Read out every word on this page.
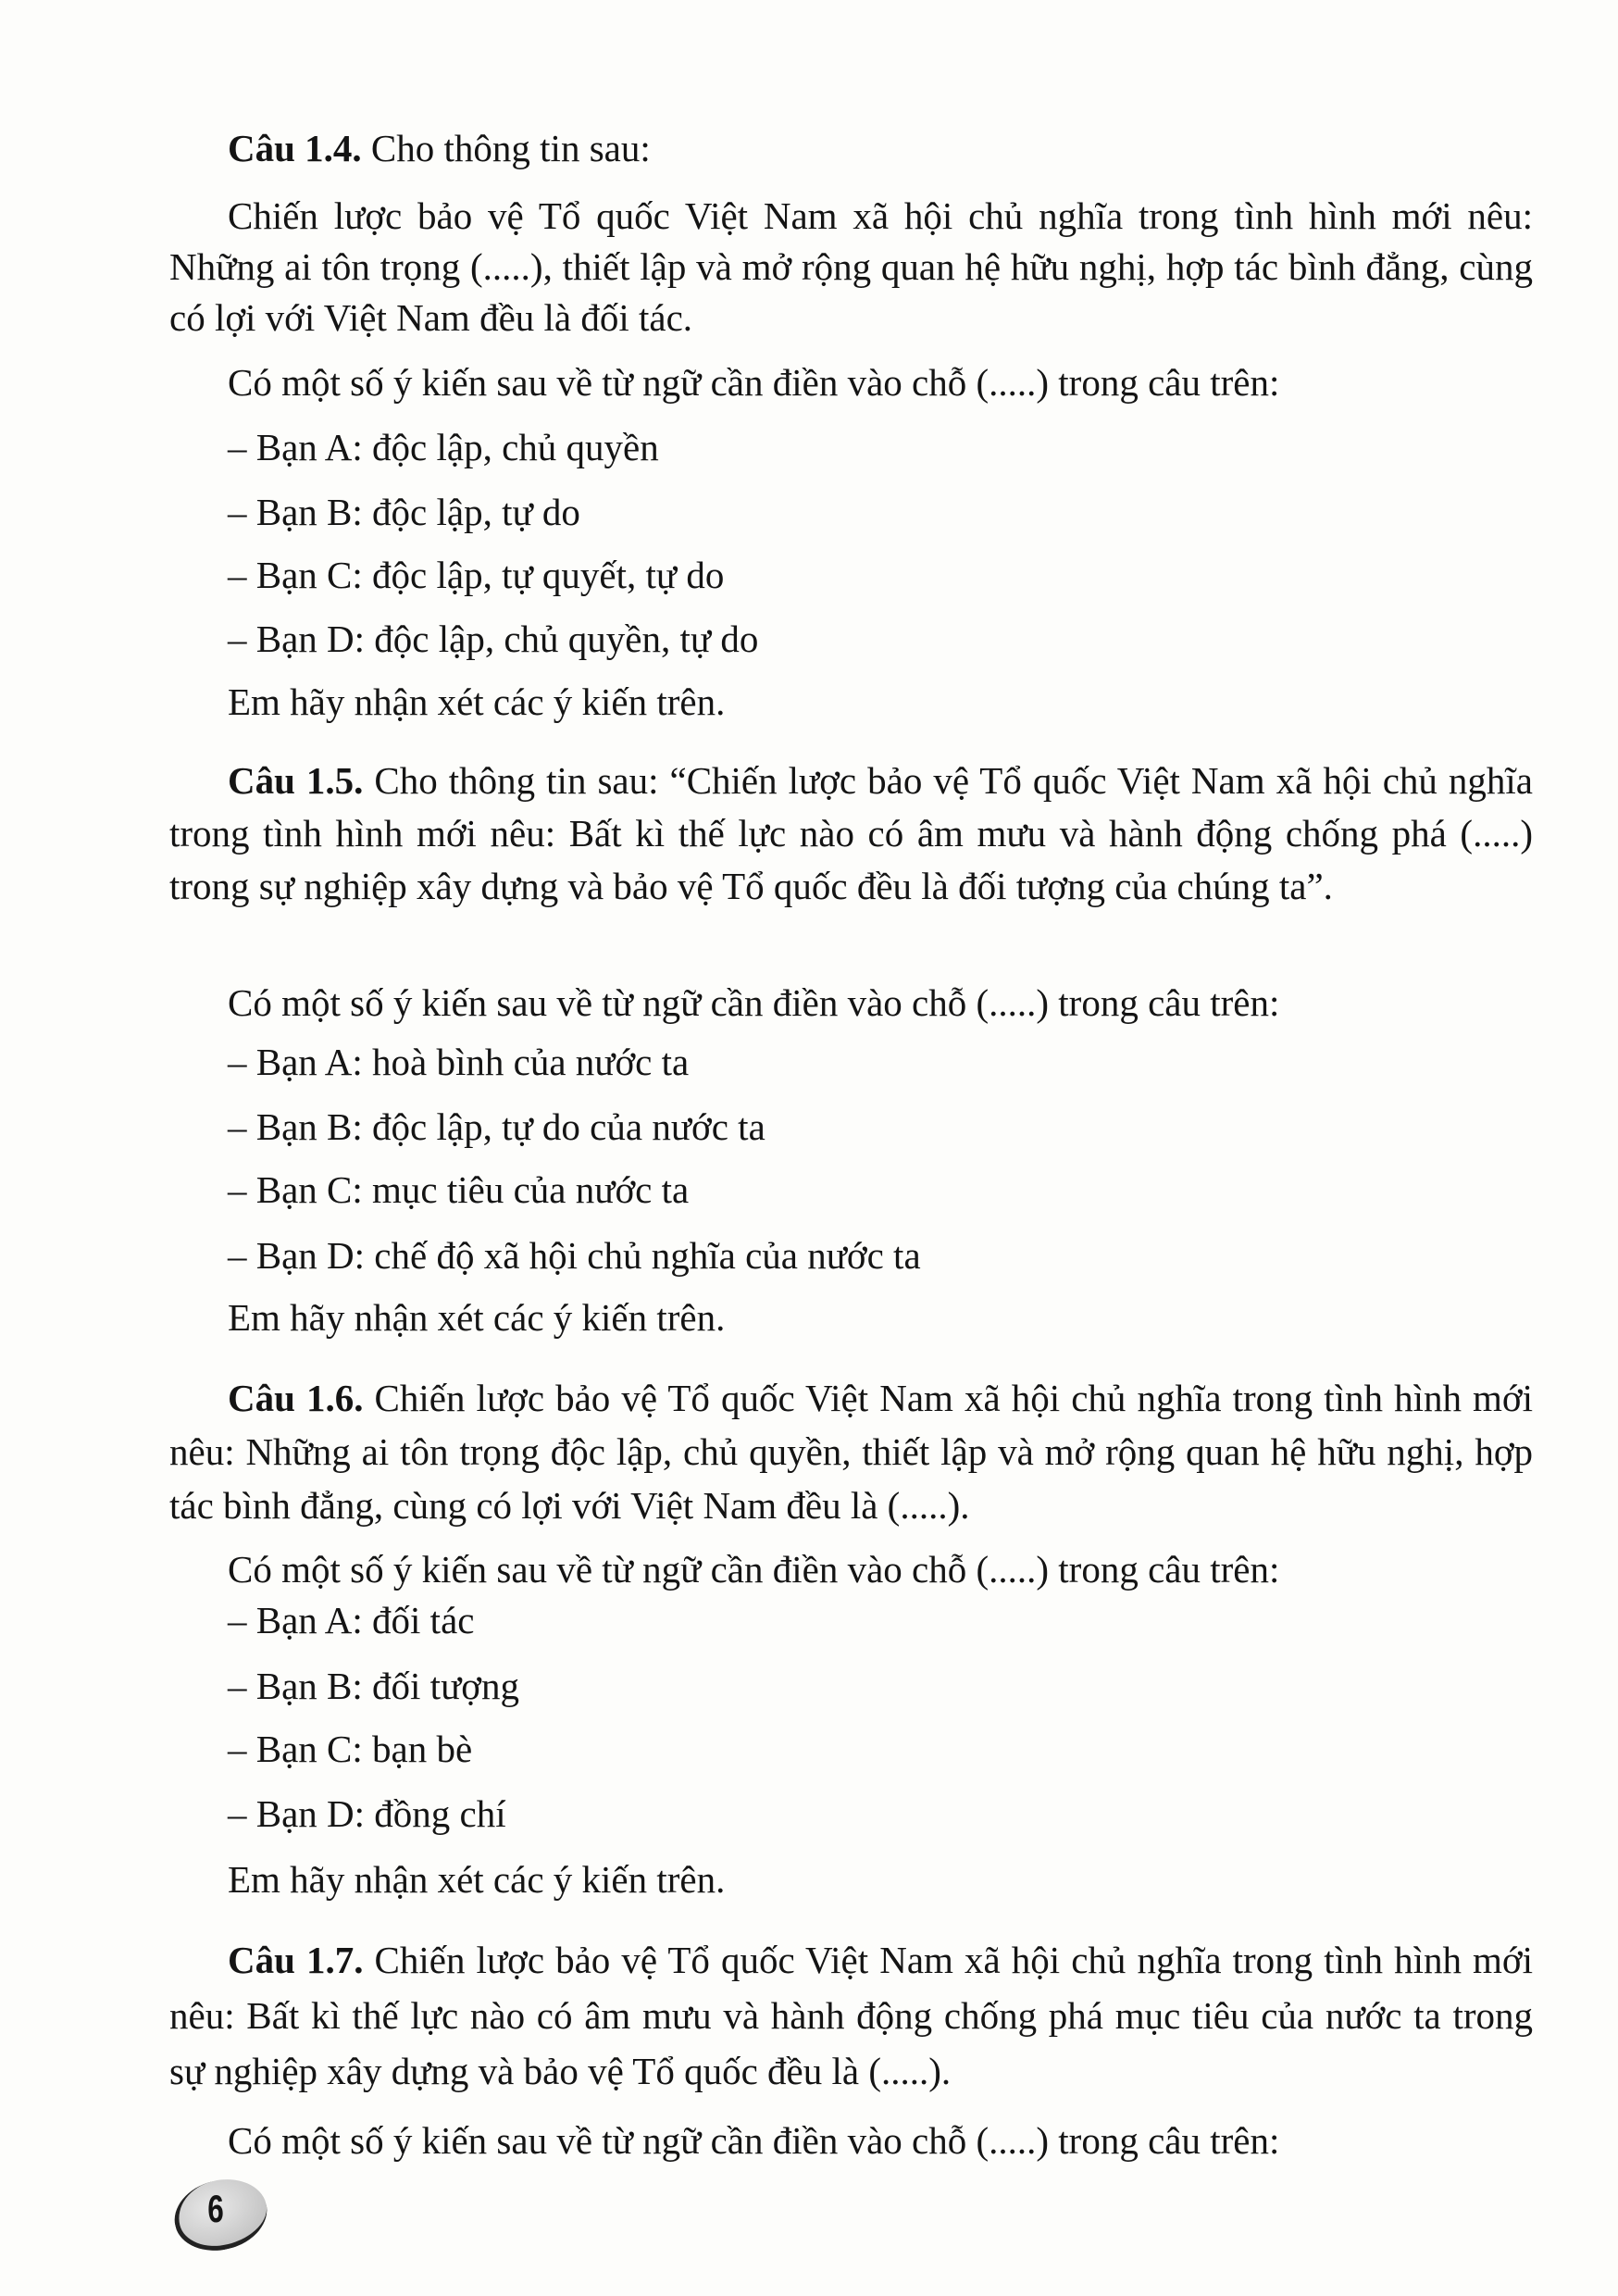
Câu 1.4. Cho thông tin sau:

Chiến lược bảo vệ Tổ quốc Việt Nam xã hội chủ nghĩa trong tình hình mới nêu: Những ai tôn trọng (.....), thiết lập và mở rộng quan hệ hữu nghị, hợp tác bình đẳng, cùng có lợi với Việt Nam đều là đối tác.

Có một số ý kiến sau về từ ngữ cần điền vào chỗ (.....) trong câu trên:

– Bạn A: độc lập, chủ quyền

– Bạn B: độc lập, tự do

– Bạn C: độc lập, tự quyết, tự do

– Bạn D: độc lập, chủ quyền, tự do

Em hãy nhận xét các ý kiến trên.

Câu 1.5. Cho thông tin sau: “Chiến lược bảo vệ Tổ quốc Việt Nam xã hội chủ nghĩa trong tình hình mới nêu: Bất kì thế lực nào có âm mưu và hành động chống phá (.....) trong sự nghiệp xây dựng và bảo vệ Tổ quốc đều là đối tượng của chúng ta”.

Có một số ý kiến sau về từ ngữ cần điền vào chỗ (.....) trong câu trên:

– Bạn A: hoà bình của nước ta

– Bạn B: độc lập, tự do của nước ta

– Bạn C: mục tiêu của nước ta

– Bạn D: chế độ xã hội chủ nghĩa của nước ta

Em hãy nhận xét các ý kiến trên.

Câu 1.6. Chiến lược bảo vệ Tổ quốc Việt Nam xã hội chủ nghĩa trong tình hình mới nêu: Những ai tôn trọng độc lập, chủ quyền, thiết lập và mở rộng quan hệ hữu nghị, hợp tác bình đẳng, cùng có lợi với Việt Nam đều là (.....).

Có một số ý kiến sau về từ ngữ cần điền vào chỗ (.....) trong câu trên:

– Bạn A: đối tác

– Bạn B: đối tượng

– Bạn C: bạn bè

– Bạn D: đồng chí

Em hãy nhận xét các ý kiến trên.

Câu 1.7. Chiến lược bảo vệ Tổ quốc Việt Nam xã hội chủ nghĩa trong tình hình mới nêu: Bất kì thế lực nào có âm mưu và hành động chống phá mục tiêu của nước ta trong sự nghiệp xây dựng và bảo vệ Tổ quốc đều là (.....).

Có một số ý kiến sau về từ ngữ cần điền vào chỗ (.....) trong câu trên:

6
